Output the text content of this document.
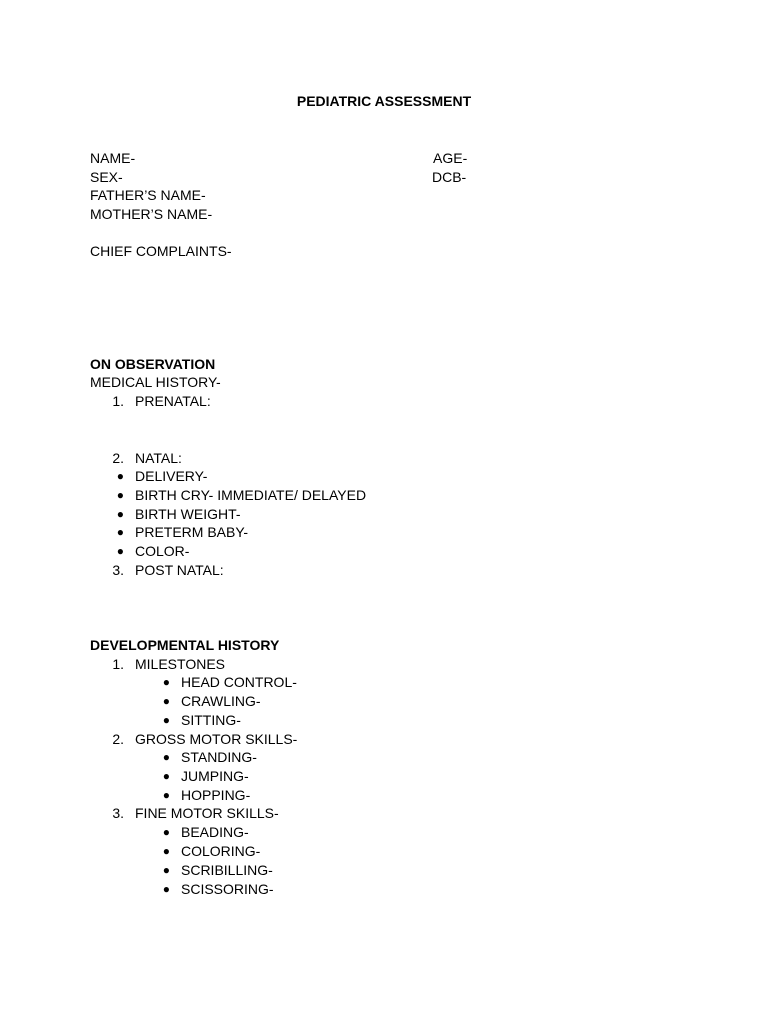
PEDIATRIC ASSESSMENT
NAME-	AGE-
SEX-	DCB-
FATHER’S NAME-
MOTHER’S NAME-
CHIEF COMPLAINTS-
ON OBSERVATION
MEDICAL HISTORY-
1. PRENATAL:
2. NATAL:
● DELIVERY-
● BIRTH CRY- IMMEDIATE/ DELAYED
● BIRTH WEIGHT-
● PRETERM BABY-
● COLOR-
3. POST NATAL:
DEVELOPMENTAL HISTORY
1. MILESTONES
● HEAD CONTROL-
● CRAWLING-
● SITTING-
2. GROSS MOTOR SKILLS-
● STANDING-
● JUMPING-
● HOPPING-
3. FINE MOTOR SKILLS-
● BEADING-
● COLORING-
● SCRIBILLING-
● SCISSORING-
